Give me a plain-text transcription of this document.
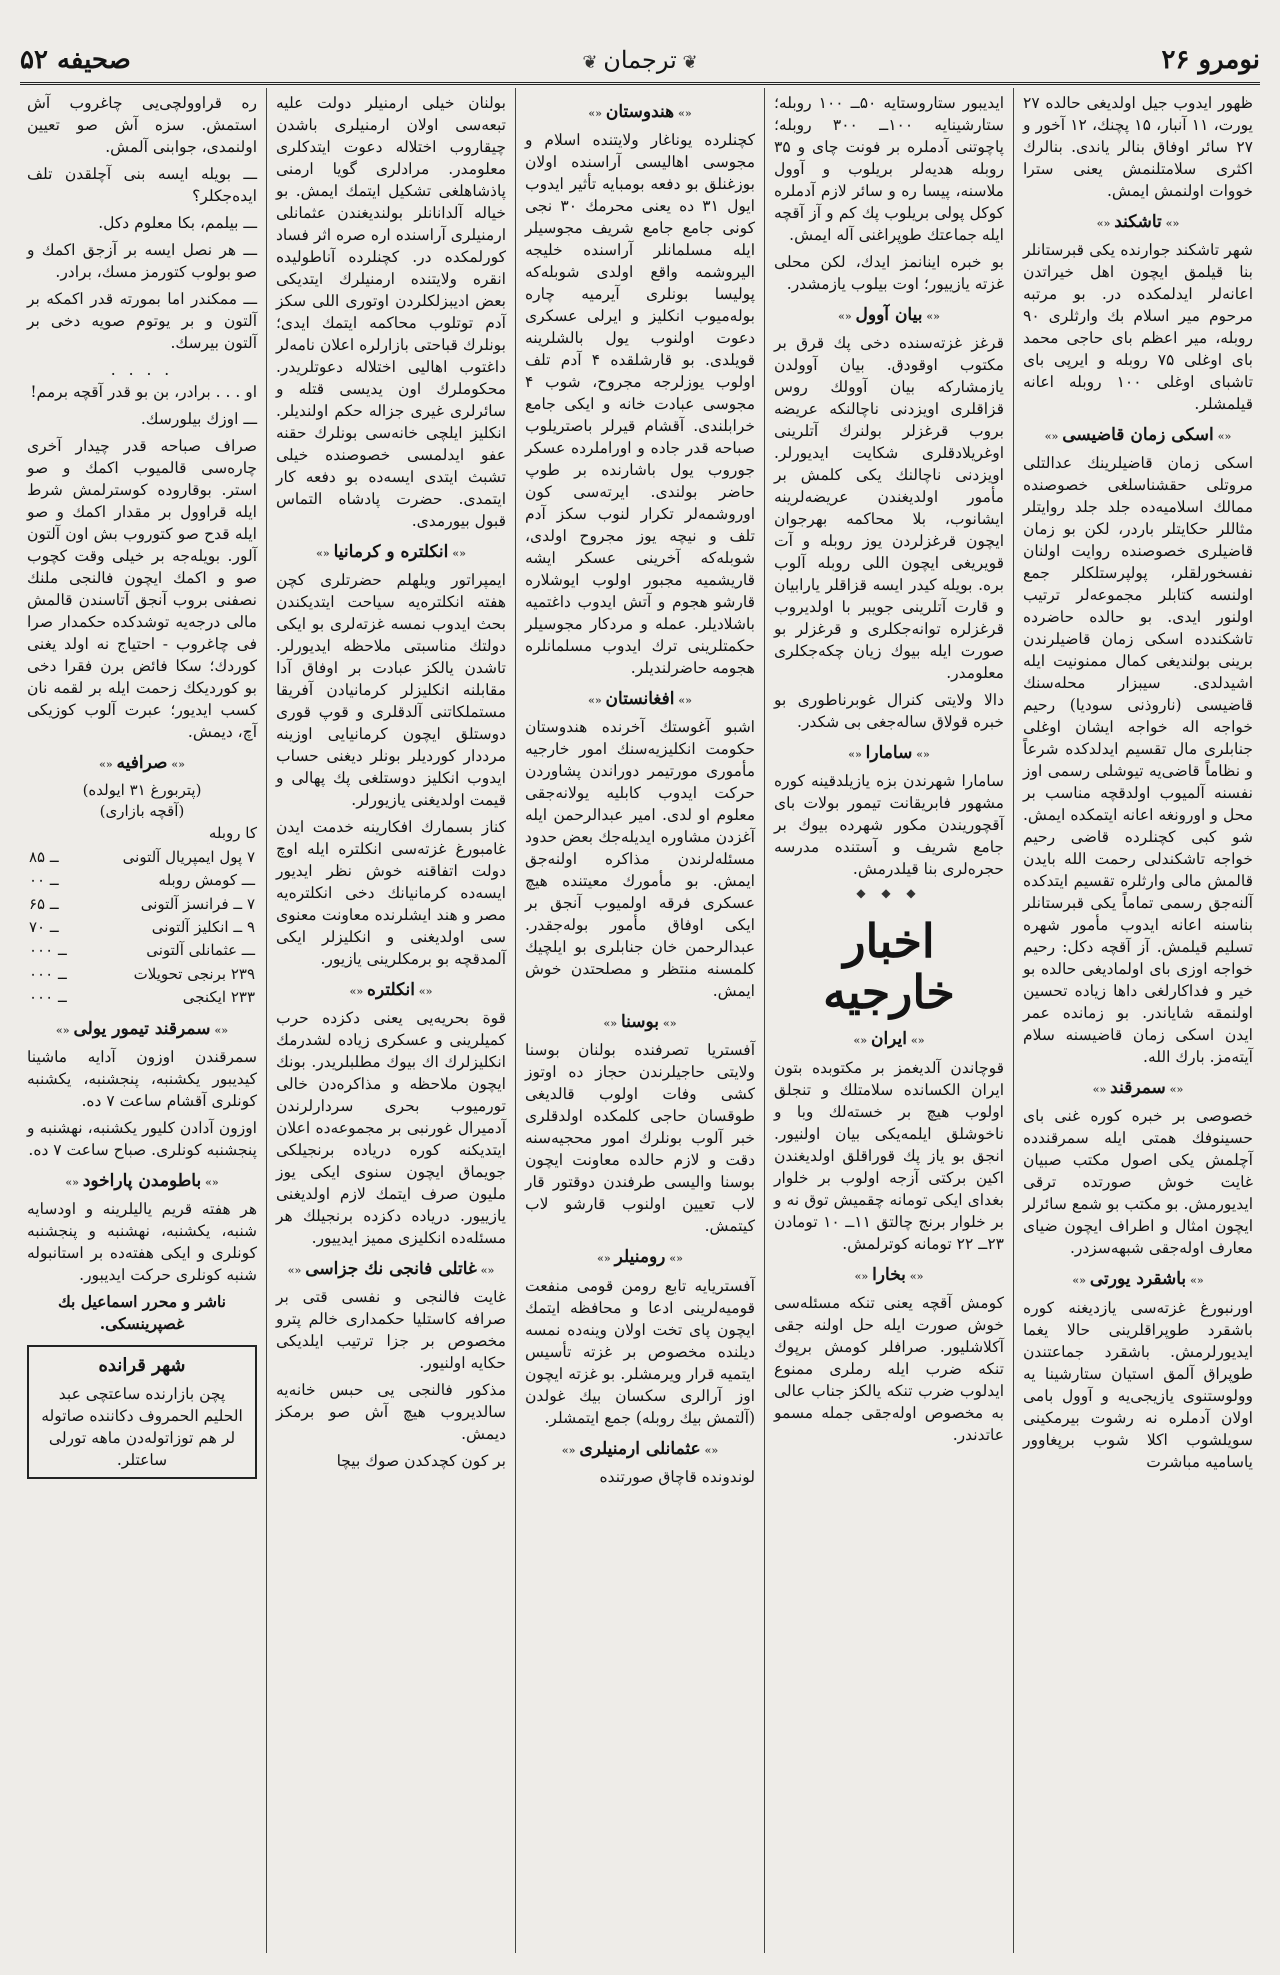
نومرو ۲۶
❦ ترجمان ❦
صحیفه ۵۲

ظهور ایدوب جیل اولدیغی حالده ۲۷ یورت، ۱۱ آنبار، ۱۵ پچنك، ۱۲ آخور و ۲۷ سائر اوفاق بنالر یاندی. بنالرك اکثری سلامتلنمش یعنی سترا خووات اولنمش ایمش.

«» تاشکند «»

شهر تاشکند جوارنده یکی قبرستانلر بنا قیلمق ایچون اهل خیراتدن اعانه‌لر ایدلمکده در. بو مرتبه مرحوم میر اسلام بك وارثلری ۹۰ روبله، میر اعظم بای حاجی محمد بای اوغلی ۷۵ روبله و ایرپی بای تاشبای اوغلی ۱۰۰ روبله اعانه قیلمشلر.

«» اسکی زمان قاضیسی «»

اسکی زمان قاضیلرینك عدالتلی مروتلی حقشناسلغی خصوصنده ممالك اسلامیه‌ده جلد جلد روایتلر مثاللر حکایتلر باردر، لکن بو زمان قاضیلری خصوصنده روایت اولنان نفسخورلقلر، پولپرستلکلر جمع اولنسه کتابلر مجموعه‌لر ترتیب اولنور ایدی. بو حالده حاضرده تاشکندده اسکی زمان قاضیلرندن برینی بولندیغی کمال ممنونیت ایله اشیدلدی. سیبزار محله‌سنك قاضیسی (ناروذنی سودیا) رحیم خواجه اله خواجه ایشان اوغلی جنابلری مال تقسیم ایدلدکده شرعاً و نظاماً قاضی‌یه تیوشلی رسمی اوز نفسنه آلمیوب اولدقچه مناسب بر محل و اورونغه اعانه ایتمکده ایمش. شو کبی کچنلرده قاضی رحیم خواجه تاشکندلی رحمت الله بایدن قالمش مالی وارثلره تقسیم ایتدکده آلنه‌جق رسمی تماماً یکی قبرستانلر بناسنه اعانه ایدوب مأمور شهره تسلیم قیلمش. آز آقچه دکل: رحیم خواجه اوزی بای اولمادیغی حالده بو خیر و فداکارلغی داها زیاده تحسین اولنمقه شایاندر. بو زمانده عمر ایدن اسکی زمان قاضیسنه سلام آیته‌مز. بارك الله.

«» سمرقند «»

خصوصی بر خبره کوره غنی بای حسینوفك همتی ایله سمرقندده آچلمش یکی اصول مکتب صبیان غایت خوش صورتده ترقی ایدیورمش. بو مکتب بو شمع سائرلر ایچون امثال و اطراف ایچون ضیای معارف اوله‌جقی شبهه‌سزدر.

«» باشقرد یورتی «»

اورنبورغ غزته‌سی یازدیغنه کوره باشقرد طوپراقلرینی حالا یغما ایدیورلرمش. باشقرد جماعتندن طوپراق آلمق استیان ستارشینا یه وولوستنوی یازیجی‌یه و آوول بامی اولان آدملره نه رشوت بیرمکینی سویلشوب اکلا شوب برپغاوور یاسامیه مباشرت

ایدیبور ستاروستایه ۵۰ــ ۱۰۰ روبله؛ ستارشینایه ۱۰۰ــ ۳۰۰ روبله؛ پاچوتنی آدملره بر فونت چای و ۳۵ روبله هدیه‌لر بریلوب و آوول ملاسنه، پیسا ره و سائر لازم آدملره کوکل پولی بریلوب پك کم و آز آقچه ایله جماعتك طوپراغنی آله ایمش.

بو خبره اینانمز ایدك، لکن محلی غزته یازییور؛ اوت بیلوب یازمشدر.

«» بیان آوول «»

قرغز غزته‌سنده دخی پك قرق بر مکتوب اوقودق. بیان آوولدن یازمشارکه بیان آوولك روس قزاقلری اویزدنی ناچالنکه عریضه بروب قرغزلر بولنرك آتلرینی اوغریلادقلری شکایت ایدیورلر. اویزدنی ناچالنك یکی کلمش بر مأمور اولدیغندن عریضه‌لرینه ایشانوب، بلا محاکمه بهرجوان ایچون قرغزلردن یوز روبله و آت قویریغی ایچون اللی روبله آلوب بره. بویله کیدر ایسه قزاقلر یارابیان و قارت آتلرینی جویبر با اولدیروب قرغزلره توانه‌جکلری و قرغزلر بو صورت ایله بیوك زیان چکه‌جکلری معلومدر.

دالا ولایتی کنرال غوبرناطوری بو خبره قولاق ساله‌جغی بی شکدر.

«» سامارا «»

سامارا شهرندن بزه یازیلدقینه کوره مشهور فابریقانت تیمور بولات بای آقچوریندن مکور شهرده بیوك بر جامع شریف و آستنده مدرسه حجره‌لری بنا قیلدرمش.

◆ ◆ ◆
اخبار خارجیه
«» ایران «»

قوچاندن آلدیغمز بر مکتوبده بتون ایران الکسانده سلامتلك و تنجلق اولوب هیچ بر خسته‌لك وبا و ناخوشلق ایلمه‌یکی بیان اولنیور. انجق بو یاز پك قوراقلق اولدیغندن اکین برکتی آزجه اولوب بر خلوار بغدای ایکی تومانه چقمیش توق نه و بر خلوار برنج چالتق ۱۱ــ ۱۰ تومادن ۲۳ــ ۲۲ تومانه کوترلمش.

«» بخارا «»

کومش آقچه یعنی تنکه مسئله‌سی خوش صورت ایله حل اولنه جقی آکلاشلیور. صرافلر کومش برپوك تنکه ضرب ایله رملری ممنوع ایدلوب ضرب تنکه یالکز جناب عالی به مخصوص اوله‌جقی جمله مسمو عاتدندر.

«» هندوستان «»

کچنلرده یوناغار ولایتنده اسلام و مجوسی اهالیسی آراسنده اولان بوزغنلق بو دفعه بومبایه تأثیر ایدوب ایول ۳۱ ده یعنی محرمك ۳۰ نجی کونی جامع جامع شریف مجوسیلر ایله مسلمانلر آراسنده خلیجه الیروشمه واقع اولدی شوبله‌که پولیسا بونلری آیرمیه چاره بوله‌میوب انکلیز و ایرلی عسکری دعوت اولنوب یول بالشلرینه قویلدی. بو قارشلقده ۴ آدم تلف اولوب یوزلرجه مجروح، شوب ۴ مجوسی عبادت خانه و ایکی جامع خرابلندی. آقشام قیرلر باصتریلوب صباحه قدر جاده و اوراملرده عسکر جوروب یول باشارنده بر طوپ حاضر بولندی. ایرته‌سی کون اوروشمه‌لر تکرار لنوب سکز آدم تلف و نیچه یوز مجروح اولدی، شوبله‌که آخرینی عسکر ایشه قاریشمیه مجبور اولوب ایوشلاره قارشو هجوم و آتش ایدوب داغتمیه باشلادیلر. عمله و مردکار مجوسیلر حکمتلرینی ترك ایدوب مسلمانلره هجومه حاضرلندیلر.

«» افغانستان «»

اشبو آغوستك آخرنده هندوستان حکومت انکلیزیه‌سنك امور خارجیه مأموری مورتیمر دوراندن پشاوردن حرکت ایدوب کابلیه یولانه‌جقی معلوم او لدی. امیر عبدالرحمن ایله آغزدن مشاوره ایدیله‌جك بعض حدود مسئله‌لرندن مذاکره اولنه‌جق ایمش. بو مأمورك معیتنده هیچ عسکری فرقه اولمیوب آنجق بر ایکی اوفاق مأمور بوله‌جقدر. عبدالرحمن خان جنابلری بو ایلچیك کلمسنه منتظر و مصلحتدن خوش ایمش.

«» بوسنا «»

آفستریا تصرفنده بولنان بوسنا ولایتی حاجیلرندن حجاز ده اوتوز کشی وفات اولوب قالدیغی طوقسان حاجی کلمکده اولدقلری خبر آلوب بونلرك امور محجیه‌سنه دقت و لازم حالده معاونت ایچون بوسنا والیسی طرفندن دوقتور قار لاب تعیین اولنوب قارشو لاب کیتمش.

«» رومنیلر «»

آفستریایه تابع رومن قومی منفعت قومیه‌لرینی ادعا و محافظه ایتمك ایچون پای تخت اولان وینه‌ده نمسه دیلنده مخصوص بر غزته تأسیس ایتمیه قرار ویرمشلر. بو غزته ایچون اوز آرالری سکسان بیك غولدن (آلتمش بیك روبله) جمع ایتمشلر.

«» عثمانلی ارمنیلری «»

لوندونده قاچاق صورتنده

بولنان خیلی ارمنیلر دولت علیه تبعه‌سی اولان ارمنیلری باشدن چیقاروب اختلاله دعوت ایتدکلری معلومدر. مرادلری گویا ارمنی پاذشاهلغی تشکیل ایتمك ایمش. بو خیاله آلدانانلر بولندیغندن عثمانلی ارمنیلری آراسنده اره صره اثر فساد کورلمکده در. کچنلرده آناطولیده انقره ولایتنده ارمنیلرك ایتدیکی بعض ادیبزلکلردن اوتوری اللی سکز آدم توتلوب محاکمه ایتمك ایدی؛ بونلرك قباحتی بازارلره اعلان نامه‌لر داغتوب اهالیی اختلاله دعوتلریدر. محکوملرك اون یدیسی قتله و سائرلری غیری جزاله حکم اولندیلر. انکلیز ایلچی خانه‌سی بونلرك حقنه عفو ایدلمسی خصوصنده خیلی تشبث ایتدی ایسه‌ده بو دفعه کار ایتمدی. حضرت پادشاه التماس قبول بیورمدی.

«» انکلتره و کرمانیا «»

ایمپراتور ویلهلم حضرتلری کچن هفته انکلتره‌یه سیاحت ایتدیکندن بحث ایدوب نمسه غزته‌لری بو ایکی دولتك مناسبتی ملاحظه ایدیورلر. تاشدن یالکز عبادت بر اوفاق آدا مقابلنه انکلیزلر کرمانیادن آفریقا مستملکاتنی آلدقلری و قوپ قوری دوستلق ایچون کرمانیایی اوزینه مرددار کوردیلر بونلر دیغنی حساب ایدوب انکلیز دوستلغی پك پهالی و قیمت اولدیغنی یازیورلر.

کناز بسمارك افکارینه خدمت ایدن غامبورغ غزته‌سی انکلتره ایله اوچ دولت اتفاقنه خوش نظر ایدیور ایسه‌ده کرمانیانك دخی انکلتره‌یه مصر و هند ایشلرنده معاونت معنوی سی اولدیغنی و انکلیزلر ایکی آلمدقچه بو برمکلرینی یازیور.

«» انکلتره «»

قوة بحریه‌یی یعنی دکزده حرب کمیلرینی و عسکری زیاده لشدرمك انکلیزلرك اك بیوك مطلبلریدر. بونك ایچون ملاحظه و مذاکره‌دن خالی تورمیوب بحری سردارلرندن آدمیرال غورنبی بر مجموعه‌ده اعلان ایتدیکنه کوره دریاده برنجیلکی جویماق ایچون سنوی ایکی یوز ملیون صرف ایتمك لازم اولدیغنی یازییور. دریاده دکزده برنجیلك هر مسئله‌ده انکلیزی ممیز ایدییور.

«» غاتلی فانجی نك جزاسی «»

غایت فالنجی و نفسی قتی بر صرافه کاستلیا حکمداری خالم پترو مخصوص بر جزا ترتیب ایلدیکی حکایه اولنیور.

مذکور فالنجی یی حبس خانه‌یه سالدیروب هیچ آش صو برمکز دیمش.

بر کون کچدکدن صوك بیچا

ره قراوولچی‌یی چاغروب آش استمش. سزه آش صو تعیین اولنمدی، جوابنی آلمش.

ـــ بویله ایسه بنی آچلقدن تلف ایده‌جکلر؟

ـــ بیلمم، بکا معلوم دکل.

ـــ هر نصل ایسه بر آزجق اکمك و صو بولوب کتورمز مسك، برادر.

ـــ ممکندر اما بمورته قدر اکمکه بر آلتون و بر یوتوم صویه دخی بر آلتون بیرسك.

. . . .

او . . . برادر، بن بو قدر آقچه برمم!

ـــ اوزك بیلورسك.

صراف صباحه قدر چیدار آخری چارەسی قالمیوب اکمك و صو استر. بوقاروده کوسترلمش شرط ایله قراوول بر مقدار اکمك و صو ایله قدح صو کتوروب بش اون آلتون آلور. بویله‌جه بر خیلی وقت کچوب صو و اکمك ایچون فالنجی ملنك نصفنی بروب آنجق آتاسندن قالمش مالی درجه‌یه توشدکده حکمدار صرا فی چاغروب - احتیاج نه اولد یغنی کوردك؛ سکا فائض برن فقرا دخی بو کوردیکك زحمت ایله بر لقمه نان کسب ایدیور؛ عبرت آلوب کوزیکی آچ، دیمش.

«» صرافیه «»
(پتربورغ ۳۱ ایولده)
(آقچه بازاری)
کا روبله
۷ پول ایمپریال آلتونی	۸۵ ــ
ـــ کومش روبله	۰۰ ــ
۷ ــ فرانسز آلتونی	۶۵ ــ
۹ ــ انکلیز آلتونی	۷۰ ــ
ـــ عثمانلی آلتونی	۰۰۰ ــ
۲۳۹ برنجی تحویلات	۰۰۰ ــ
۲۳۳ ایکنجی	۰۰۰ ــ
«» سمرقند تیمور یولی «»

سمرقندن اوزون آدایه ماشینا کیدیبور یکشنبه، پنجشنبه، یکشنبه کونلری آقشام ساعت ۷ ده.

اوزون آدادن کلیور یکشنبه، نهشنبه و پنجشنبه کونلری. صباح ساعت ۷ ده.

«» باطومدن پاراخود «»

هر هفته قریم یالیلرینه و اودسایه شنبه، یکشنبه، نهشنبه و پنجشنبه کونلری و ایکی هفته‌ده بر استانبوله شنبه کونلری حرکت ایدیبور.

ناشر و محرر اسماعیل بك غصپرینسکی.

شهر قرانده
پچن بازارنده ساعتچی عبد الحلیم الحمروف دکاننده صاتوله‌ لر هم توزاتوله‌دن ماهه تورلی ساعتلر.
